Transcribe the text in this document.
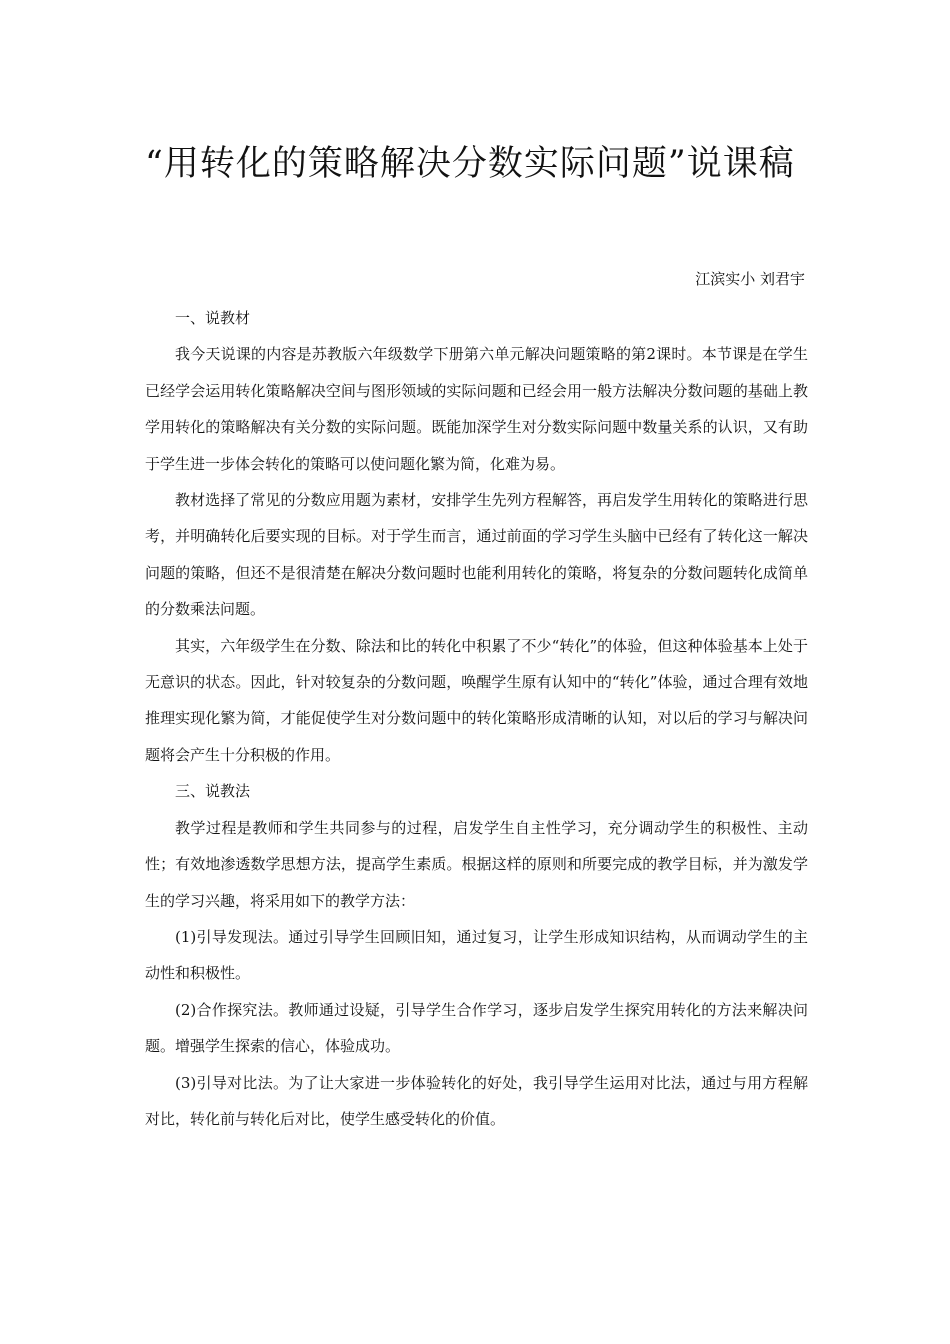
“用转化的策略解决分数实际问题”说课稿
江滨实小 刘君宇

一、说教材

我今天说课的内容是苏教版六年级数学下册第六单元解决问题策略的第2课时。本节课是在学生已经学会运用转化策略解决空间与图形领域的实际问题和已经会用一般方法解决分数问题的基础上教学用转化的策略解决有关分数的实际问题。既能加深学生对分数实际问题中数量关系的认识，又有助于学生进一步体会转化的策略可以使问题化繁为简，化难为易。

教材选择了常见的分数应用题为素材，安排学生先列方程解答，再启发学生用转化的策略进行思考，并明确转化后要实现的目标。对于学生而言，通过前面的学习学生头脑中已经有了转化这一解决问题的策略，但还不是很清楚在解决分数问题时也能利用转化的策略，将复杂的分数问题转化成简单的分数乘法问题。

其实，六年级学生在分数、除法和比的转化中积累了不少“转化”的体验，但这种体验基本上处于无意识的状态。因此，针对较复杂的分数问题，唤醒学生原有认知中的“转化”体验，通过合理有效地推理实现化繁为简，才能促使学生对分数问题中的转化策略形成清晰的认知，对以后的学习与解决问题将会产生十分积极的作用。

三、说教法

教学过程是教师和学生共同参与的过程，启发学生自主性学习，充分调动学生的积极性、主动性；有效地渗透数学思想方法，提高学生素质。根据这样的原则和所要完成的教学目标，并为激发学生的学习兴趣，将采用如下的教学方法：

(1)引导发现法。通过引导学生回顾旧知，通过复习，让学生形成知识结构，从而调动学生的主动性和积极性。

(2)合作探究法。教师通过设疑，引导学生合作学习，逐步启发学生探究用转化的方法来解决问题。增强学生探索的信心，体验成功。

(3)引导对比法。为了让大家进一步体验转化的好处，我引导学生运用对比法，通过与用方程解对比，转化前与转化后对比，使学生感受转化的价值。
